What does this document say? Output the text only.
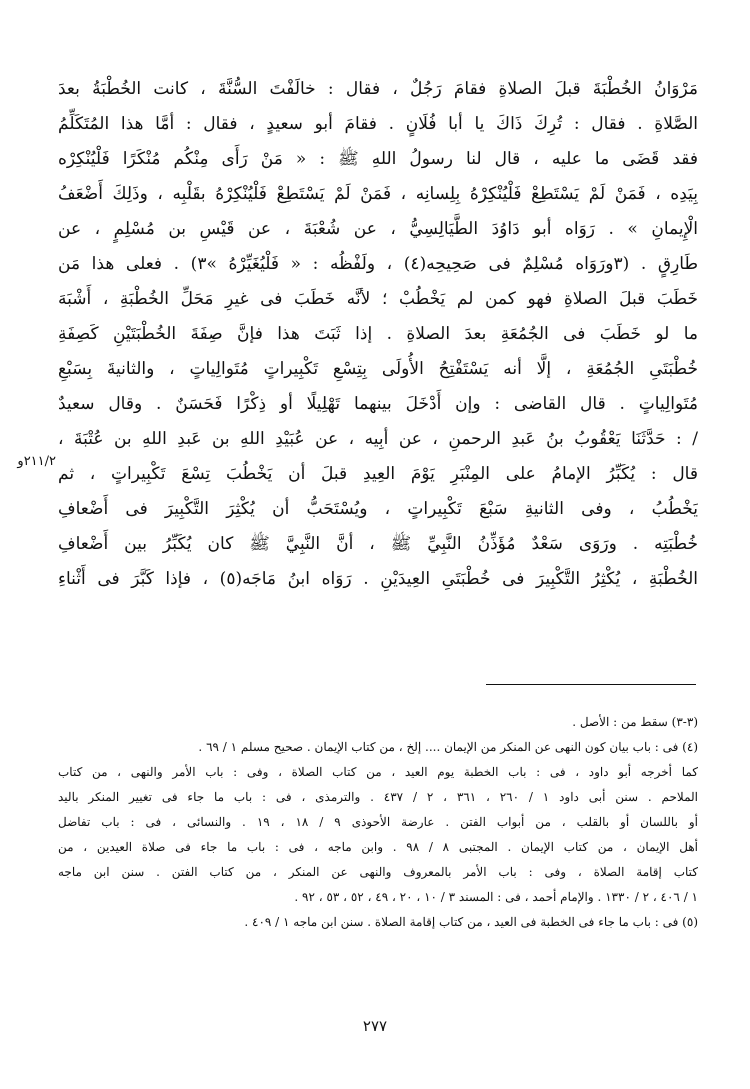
مَرْوَانُ الخُطْبَةَ قبلَ الصلاةِ فقامَ رَجُلٌ ، فقال : خالَفْتَ السُّنَّةَ ، كانت الخُطْبَةُ بعدَ
الصَّلاةِ . فقال : تُرِكَ ذَاكَ يا أبا فُلَانٍ . فقامَ أبو سعيدٍ ، فقال : أمَّا هذا المُتَكَلِّمُ
فقد قَضَى ما عليه ، قال لنا رسولُ اللهِ ﷺ : « مَنْ رَأَى مِنْكُم مُنْكَرًا فَلْيُنْكِرْه
بِيَدِه ، فَمَنْ لَمْ يَسْتَطِعْ فَلْيُنْكِرْهُ بِلِسانِه ، فَمَنْ لَمْ يَسْتَطِعْ فَلْيُنْكِرْهُ بقَلْبِه ، وذَلِكَ أَضْعَفُ
الْإِيمانِ » . رَوَاه أبو دَاوُدَ الطَّيَالِسِيُّ ، عن شُعْبَةَ ، عن قَيْسِ بن مُسْلِمٍ ، عن
طَارِقٍ . (٣ورَوَاه مُسْلِمٌ فى صَحِيحِه(٤) ، ولَفْظُه : « فَلْيُغَيِّرْهُ »٣) . فعلى هذا مَن
خَطَبَ قبلَ الصلاةِ فهو كمن لم يَخْطُبْ ؛ لأنَّه خَطَبَ فى غيرِ مَحَلِّ الخُطْبَةِ ، أَشْبَهَ
ما لو خَطَبَ فى الجُمُعَةِ بعدَ الصلاةِ . إذا ثَبَتَ هذا فإنَّ صِفَةَ الخُطْبَتَيْنِ كَصِفَةِ
خُطْبَتَىِ الجُمُعَةِ ، إلَّا أنه يَسْتَفْتِحُ الأُولَى بِتِسْعِ تَكْبِيراتٍ مُتَوالِياتٍ ، والثانيةَ بِسَبْعِ
مُتَوالِياتٍ . قال القاضى : وإن أَدْخَلَ بينهما تَهْلِيلًا أو ذِكْرًا فَحَسَنٌ . وقال سعيدٌ
/ : حَدَّثَنَا يَعْقُوبُ بنُ عَبدِ الرحمنِ ، عن أبِيه ، عن عُبَيْدِ اللهِ بن عَبدِ اللهِ بن عُتْبَةَ ،
قال : يُكَبِّرُ الإمامُ على المِنْبَرِ يَوْمَ العِيدِ قبلَ أن يَخْطُبَ تِسْعَ تَكْبِيراتٍ ، ثم
يَخْطُبُ ، وفى الثانيةِ سَبْعَ تَكْبِيراتٍ ، ويُسْتَحَبُّ أن يُكْثِرَ التَّكْبِيرَ فى أَضْعافِ
خُطْبَتِه . ورَوَى سَعْدٌ مُؤَذِّنُ النَّبِيِّ ﷺ ، أنَّ النَّبِيَّ ﷺ كان يُكَبِّرُ بين أَضْعافِ
الخُطْبَةِ ، يُكْثِرُ التَّكْبِيرَ فى خُطْبَتَىِ العِيدَيْنِ . رَوَاه ابنُ مَاجَه(٥) ، فإذا كَبَّرَ فى أَثْناءِ
٢١١/٢و
(٣-٣) سقط من : الأصل .
(٤) فى : باب بيان كون النهى عن المنكر من الإيمان .... إلخ ، من كتاب الإيمان . صحيح مسلم ١ / ٦٩ .
كما أخرجه أبو داود ، فى : باب الخطبة يوم العيد ، من كتاب الصلاة ، وفى : باب الأمر والنهى ، من كتاب
الملاحم . سنن أبى داود ١ / ٢٦٠ ، ٣٦١ ، ٢ / ٤٣٧ . والترمذى ، فى : باب ما جاء فى تغيير المنكر باليد
أو باللسان أو بالقلب ، من أبواب الفتن . عارضة الأحوذى ٩ / ١٨ ، ١٩ . والنسائى ، فى : باب تفاضل
أهل الإيمان ، من كتاب الإيمان . المجتبى ٨ / ٩٨ . وابن ماجه ، فى : باب ما جاء فى صلاة العيدين ، من
كتاب إقامة الصلاة ، وفى : باب الأمر بالمعروف والنهى عن المنكر ، من كتاب الفتن . سنن ابن ماجه
١ / ٤٠٦ ، ٢ / ١٣٣٠ . والإمام أحمد ، فى : المسند ٣ / ١٠ ، ٢٠ ، ٤٩ ، ٥٢ ، ٥٣ ، ٩٢ .
(٥) فى : باب ما جاء فى الخطبة فى العيد ، من كتاب إقامة الصلاة . سنن ابن ماجه ١ / ٤٠٩ .
٢٧٧
